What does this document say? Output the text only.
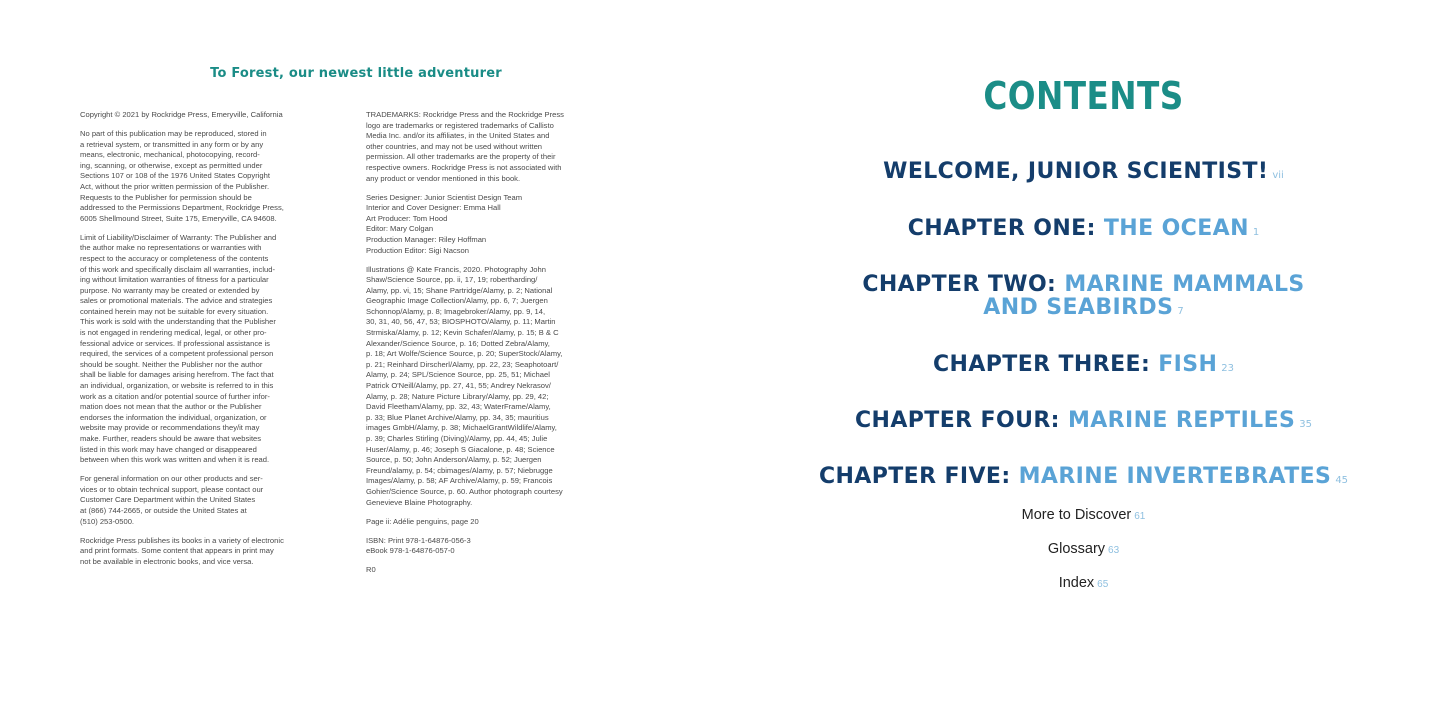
To Forest, our newest little adventurer

Copyright © 2021 by Rockridge Press, Emeryville, California

No part of this publication may be reproduced, stored in
a retrieval system, or transmitted in any form or by any
means, electronic, mechanical, photocopying, record-
ing, scanning, or otherwise, except as permitted under
Sections 107 or 108 of the 1976 United States Copyright
Act, without the prior written permission of the Publisher.
Requests to the Publisher for permission should be
addressed to the Permissions Department, Rockridge Press,
6005 Shellmound Street, Suite 175, Emeryville, CA 94608.

Limit of Liability/Disclaimer of Warranty: The Publisher and
the author make no representations or warranties with
respect to the accuracy or completeness of the contents
of this work and specifically disclaim all warranties, includ-
ing without limitation warranties of fitness for a particular
purpose. No warranty may be created or extended by
sales or promotional materials. The advice and strategies
contained herein may not be suitable for every situation.
This work is sold with the understanding that the Publisher
is not engaged in rendering medical, legal, or other pro-
fessional advice or services. If professional assistance is
required, the services of a competent professional person
should be sought. Neither the Publisher nor the author
shall be liable for damages arising herefrom. The fact that
an individual, organization, or website is referred to in this
work as a citation and/or potential source of further infor-
mation does not mean that the author or the Publisher
endorses the information the individual, organization, or
website may provide or recommendations they/it may
make. Further, readers should be aware that websites
listed in this work may have changed or disappeared
between when this work was written and when it is read.

For general information on our other products and ser-
vices or to obtain technical support, please contact our
Customer Care Department within the United States
at (866) 744-2665, or outside the United States at
(510) 253-0500.

Rockridge Press publishes its books in a variety of electronic
and print formats. Some content that appears in print may
not be available in electronic books, and vice versa.

TRADEMARKS: Rockridge Press and the Rockridge Press
logo are trademarks or registered trademarks of Callisto
Media Inc. and/or its affiliates, in the United States and
other countries, and may not be used without written
permission. All other trademarks are the property of their
respective owners. Rockridge Press is not associated with
any product or vendor mentioned in this book.

Series Designer: Junior Scientist Design Team
Interior and Cover Designer: Emma Hall
Art Producer: Tom Hood
Editor: Mary Colgan
Production Manager: Riley Hoffman
Production Editor: Sigi Nacson

Illustrations @ Kate Francis, 2020. Photography John
Shaw/Science Source, pp. ii, 17, 19; robertharding/
Alamy, pp. vi, 15; Shane Partridge/Alamy, p. 2; National
Geographic Image Collection/Alamy, pp. 6, 7; Juergen
Schonnop/Alamy, p. 8; Imagebroker/Alamy, pp. 9, 14,
30, 31, 40, 56, 47, 53; BIOSPHOTO/Alamy, p. 11; Martin
Strmiska/Alamy, p. 12; Kevin Schafer/Alamy, p. 15; B & C
Alexander/Science Source, p. 16; Dotted Zebra/Alamy,
p. 18; Art Wolfe/Science Source, p. 20; SuperStock/Alamy,
p. 21; Reinhard Dirscherl/Alamy, pp. 22, 23; Seaphotoart/
Alamy, p. 24; SPL/Science Source, pp. 25, 51; Michael
Patrick O'Neill/Alamy, pp. 27, 41, 55; Andrey Nekrasov/
Alamy, p. 28; Nature Picture Library/Alamy, pp. 29, 42;
David Fleetham/Alamy, pp. 32, 43; WaterFrame/Alamy,
p. 33; Blue Planet Archive/Alamy, pp. 34, 35; mauritius
images GmbH/Alamy, p. 38; MichaelGrantWildlife/Alamy,
p. 39; Charles Stirling (Diving)/Alamy, pp. 44, 45; Julie
Huser/Alamy, p. 46; Joseph S Giacalone, p. 48; Science
Source, p. 50; John Anderson/Alamy, p. 52; Juergen
Freund/alamy, p. 54; cbimages/Alamy, p. 57; Niebrugge
Images/Alamy, p. 58; AF Archive/Alamy, p. 59; Francois
Gohier/Science Source, p. 60. Author photograph courtesy
Genevieve Blaine Photography.

Page ii: Adélie penguins, page 20

ISBN: Print 978-1-64876-056-3
eBook 978-1-64876-057-0

R0

CONTENTS
WELCOME, JUNIOR SCIENTIST! vii
CHAPTER ONE: THE OCEAN 1
CHAPTER TWO: MARINE MAMMALS
AND SEABIRDS 7
CHAPTER THREE: FISH 23
CHAPTER FOUR: MARINE REPTILES 35
CHAPTER FIVE: MARINE INVERTEBRATES 45
More to Discover 61
Glossary 63
Index 65
